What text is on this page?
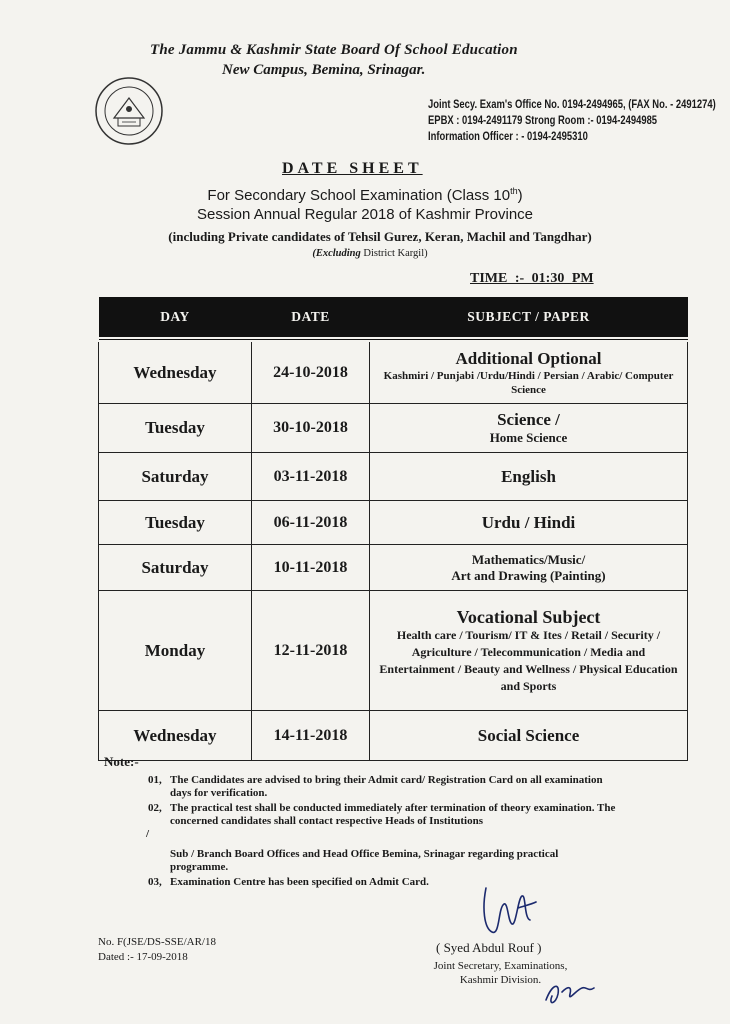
The Jammu & Kashmir State Board Of School Education
New Campus, Bemina, Srinagar.
Joint Secy. Exam's Office No. 0194-2494965, (FAX No. - 2491274)
EPBX : 0194-2491179 Strong Room :- 0194-2494985
Information Officer : - 0194-2495310
DATE SHEET
For Secondary School Examination (Class 10th)
Session Annual Regular 2018 of Kashmir Province
(including Private candidates of Tehsil Gurez, Keran, Machil and Tangdhar)
(Excluding District Kargil)
TIME :- 01:30 PM
DAY	DATE	SUBJECT / PAPER
Wednesday	24-10-2018	Additional Optional
Kashmiri / Punjabi /Urdu/Hindi / Persian / Arabic/ Computer Science

Tuesday	30-10-2018	Science /
Home Science

Saturday	03-11-2018	English

Tuesday	06-11-2018	Urdu / Hindi

Saturday	10-11-2018	Mathematics/Music/
Art and Drawing (Painting)

Monday	12-11-2018	Vocational Subject
Health care / Tourism/ IT & Ites / Retail / Security / Agriculture / Telecommunication / Media and Entertainment / Beauty and Wellness / Physical Education and Sports

Wednesday	14-11-2018	Social Science
Note:-
01, The Candidates are advised to bring their Admit card/ Registration Card on all examination days for verification.
02, The practical test shall be conducted immediately after termination of theory examination. The concerned candidates shall contact respective Heads of Institutions
Sub / Branch Board Offices and Head Office Bemina, Srinagar regarding practical programme.
03, Examination Centre has been specified on Admit Card.
/
No. F(JSE/DS-SSE/AR/18
Dated :- 17-09-2018
( Syed Abdul Rouf )
Joint Secretary, Examinations,
Kashmir Division.
